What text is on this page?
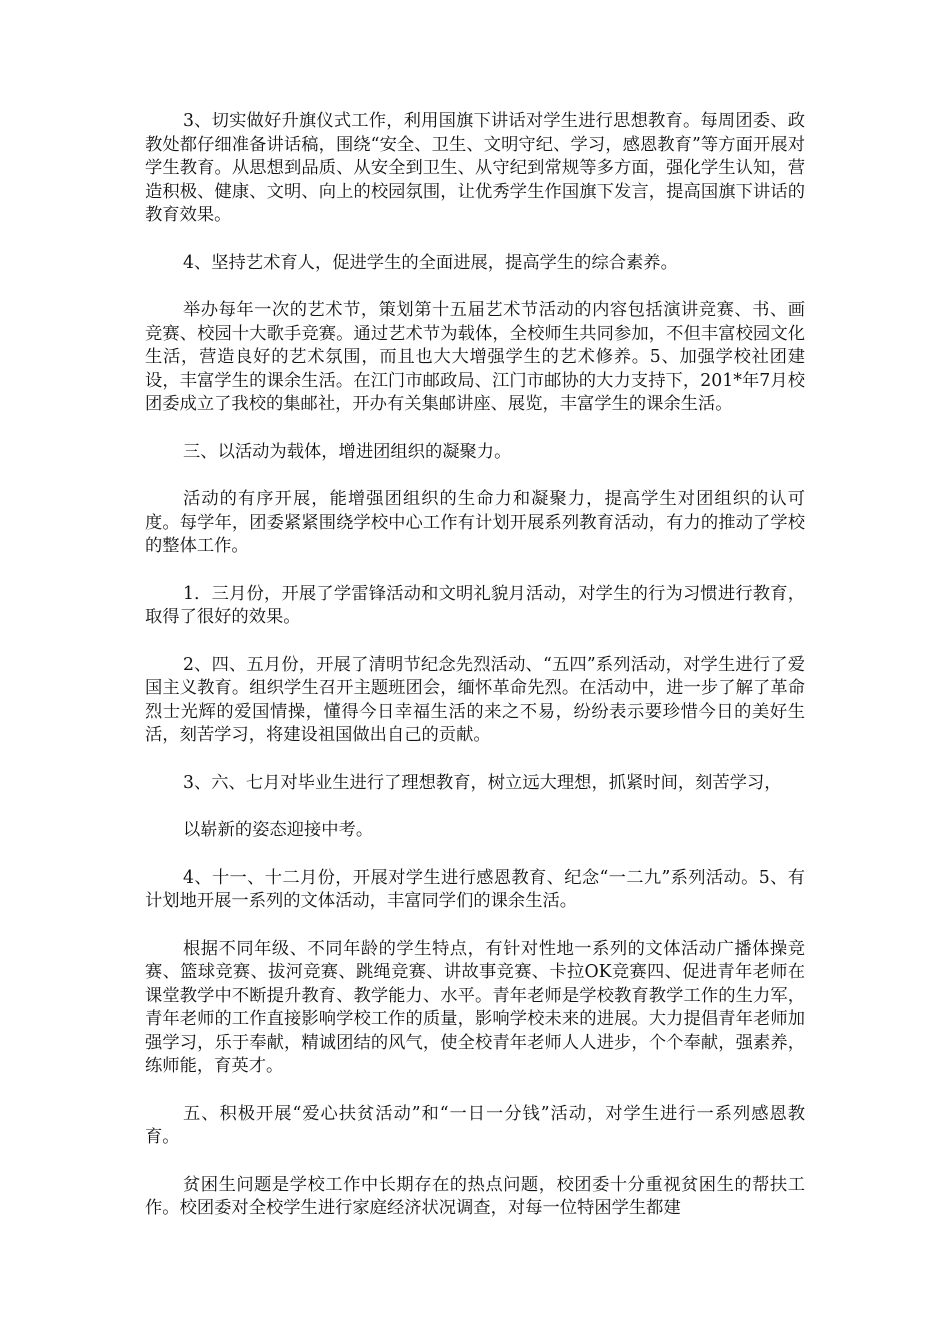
3、切实做好升旗仪式工作，利用国旗下讲话对学生进行思想教育。每周团委、政教处都仔细准备讲话稿，围绕“安全、卫生、文明守纪、学习，感恩教育”等方面开展对学生教育。从思想到品质、从安全到卫生、从守纪到常规等多方面，强化学生认知，营造积极、健康、文明、向上的校园氛围，让优秀学生作国旗下发言，提高国旗下讲话的教育效果。

4、坚持艺术育人，促进学生的全面进展，提高学生的综合素养。

举办每年一次的艺术节，策划第十五届艺术节活动的内容包括演讲竞赛、书、画竞赛、校园十大歌手竞赛。通过艺术节为载体，全校师生共同参加，不但丰富校园文化生活，营造良好的艺术氛围，而且也大大增强学生的艺术修养。5、加强学校社团建设，丰富学生的课余生活。在江门市邮政局、江门市邮协的大力支持下，201*年7月校团委成立了我校的集邮社，开办有关集邮讲座、展览，丰富学生的课余生活。

三、以活动为载体，增进团组织的凝聚力。

活动的有序开展，能增强团组织的生命力和凝聚力，提高学生对团组织的认可度。每学年，团委紧紧围绕学校中心工作有计划开展系列教育活动，有力的推动了学校的整体工作。

1．三月份，开展了学雷锋活动和文明礼貌月活动，对学生的行为习惯进行教育，取得了很好的效果。

2、四、五月份，开展了清明节纪念先烈活动、“五四”系列活动，对学生进行了爱国主义教育。组织学生召开主题班团会，缅怀革命先烈。在活动中，进一步了解了革命烈士光辉的爱国情操，懂得今日幸福生活的来之不易，纷纷表示要珍惜今日的美好生活，刻苦学习，将建设祖国做出自己的贡献。

3、六、七月对毕业生进行了理想教育，树立远大理想，抓紧时间，刻苦学习，

以崭新的姿态迎接中考。

4、十一、十二月份，开展对学生进行感恩教育、纪念“一二九”系列活动。5、有计划地开展一系列的文体活动，丰富同学们的课余生活。

根据不同年级、不同年龄的学生特点，有针对性地一系列的文体活动广播体操竞赛、篮球竞赛、拔河竞赛、跳绳竞赛、讲故事竞赛、卡拉OK竞赛四、促进青年老师在课堂教学中不断提升教育、教学能力、水平。青年老师是学校教育教学工作的生力军，青年老师的工作直接影响学校工作的质量，影响学校未来的进展。大力提倡青年老师加强学习，乐于奉献，精诚团结的风气，使全校青年老师人人进步，个个奉献，强素养，练师能，育英才。

五、积极开展“爱心扶贫活动”和“一日一分钱”活动，对学生进行一系列感恩教育。

贫困生问题是学校工作中长期存在的热点问题，校团委十分重视贫困生的帮扶工作。校团委对全校学生进行家庭经济状况调查，对每一位特困学生都建
